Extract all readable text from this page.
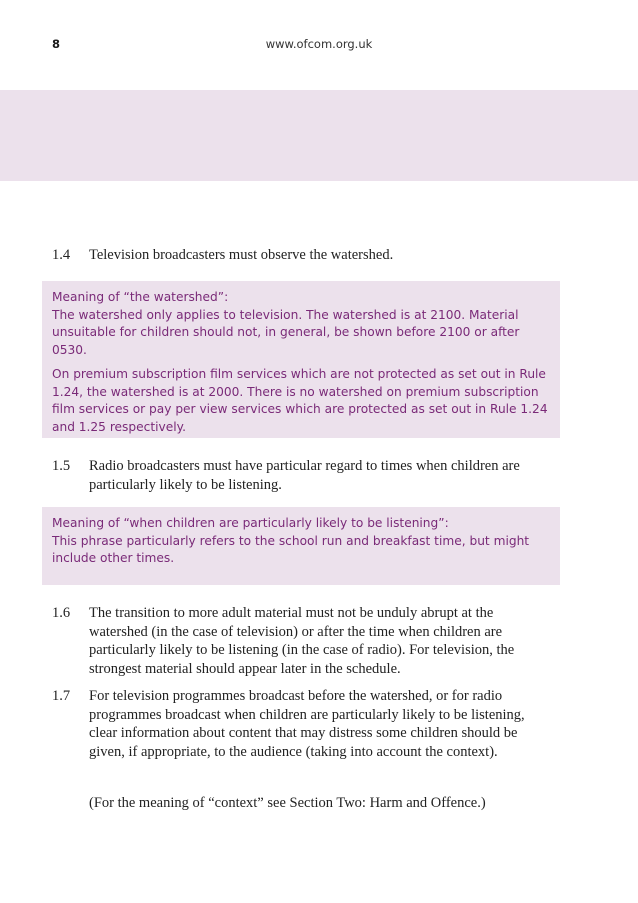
8	www.ofcom.org.uk
1.4 Television broadcasters must observe the watershed.

Meaning of “the watershed”:

The watershed only applies to television. The watershed is at 2100. Material unsuitable for children should not, in general, be shown before 2100 or after 0530.

On premium subscription film services which are not protected as set out in Rule 1.24, the watershed is at 2000. There is no watershed on premium subscription film services or pay per view services which are protected as set out in Rule 1.24 and 1.25 respectively.

1.5 Radio broadcasters must have particular regard to times when children are particularly likely to be listening.

Meaning of “when children are particularly likely to be listening”:

This phrase particularly refers to the school run and breakfast time, but might include other times.

1.6 The transition to more adult material must not be unduly abrupt at the watershed (in the case of television) or after the time when children are particularly likely to be listening (in the case of radio). For television, the strongest material should appear later in the schedule.
1.7 For television programmes broadcast before the watershed, or for radio programmes broadcast when children are particularly likely to be listening, clear information about content that may distress some children should be given, if appropriate, to the audience (taking into account the context).
(For the meaning of “context” see Section Two: Harm and Offence.)
